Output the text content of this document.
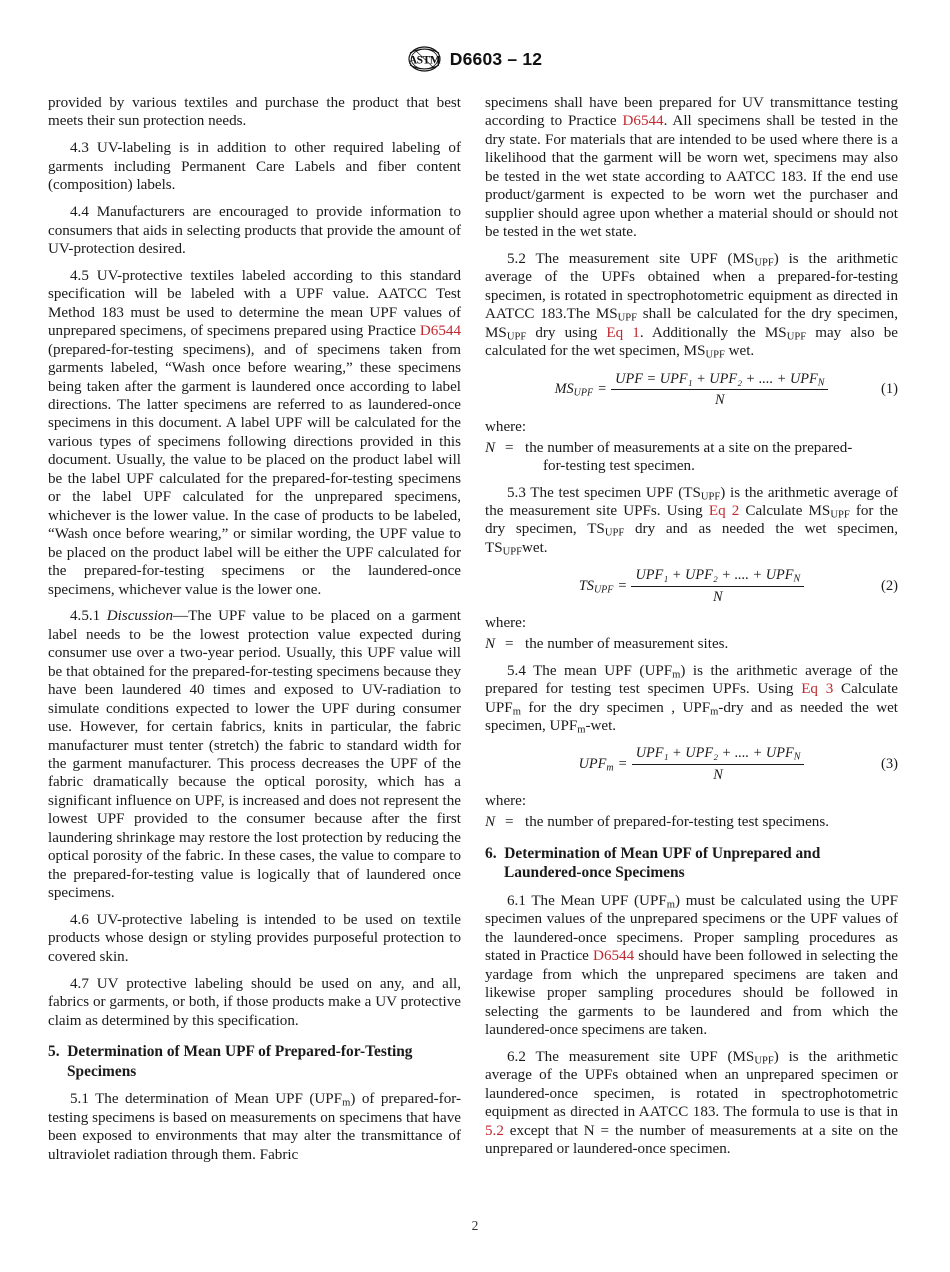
ASTM D6603 – 12

provided by various textiles and purchase the product that best meets their sun protection needs.

4.3 UV-labeling is in addition to other required labeling of garments including Permanent Care Labels and fiber content (composition) labels.

4.4 Manufacturers are encouraged to provide information to consumers that aids in selecting products that provide the amount of UV-protection desired.

4.5 UV-protective textiles labeled according to this standard specification will be labeled with a UPF value. AATCC Test Method 183 must be used to determine the mean UPF values of unprepared specimens, of specimens prepared using Practice D6544 (prepared-for-testing specimens), and of specimens taken from garments labeled, “Wash once before wearing,” these specimens being taken after the garment is laundered once according to label directions. The latter specimens are referred to as laundered-once specimens in this document. A label UPF will be calculated for the various types of specimens following directions provided in this document. Usually, the value to be placed on the product label will be the label UPF calculated for the prepared-for-testing specimens or the label UPF calculated for the unprepared specimens, whichever is the lower value. In the case of products to be labeled, “Wash once before wearing,” or similar wording, the UPF value to be placed on the product label will be either the UPF calculated for the prepared-for-testing specimens or the laundered-once specimens, whichever value is the lower one.

4.5.1 Discussion—The UPF value to be placed on a garment label needs to be the lowest protection value expected during consumer use over a two-year period. Usually, this UPF value will be that obtained for the prepared-for-testing specimens because they have been laundered 40 times and exposed to UV-radiation to simulate conditions expected to lower the UPF during consumer use. However, for certain fabrics, knits in particular, the fabric manufacturer must tenter (stretch) the fabric to standard width for the garment manufacturer. This process decreases the UPF of the fabric dramatically because the optical porosity, which has a significant influence on UPF, is increased and does not represent the lowest UPF provided to the consumer because after the first laundering shrinkage may restore the lost protection by reducing the optical porosity of the fabric. In these cases, the value to compare to the prepared-for-testing value is logically that of laundered once specimens.

4.6 UV-protective labeling is intended to be used on textile products whose design or styling provides purposeful protection to covered skin.

4.7 UV protective labeling should be used on any, and all, fabrics or garments, or both, if those products make a UV protective claim as determined by this specification.

5. Determination of Mean UPF of Prepared-for-Testing Specimens

5.1 The determination of Mean UPF $(UPF_m)$ of prepared-for-testing specimens is based on measurements on specimens that have been exposed to environments that may alter the transmittance of ultraviolet radiation through them. Fabric

specimens shall have been prepared for UV transmittance testing according to Practice D6544. All specimens shall be tested in the dry state. For materials that are intended to be used where there is a likelihood that the garment will be worn wet, specimens may also be tested in the wet state according to AATCC 183. If the end use product/garment is expected to be worn wet the purchaser and supplier should agree upon whether a material should or should not be tested in the wet state.

5.2 The measurement site UPF $(MS_{UPF})$ is the arithmetic average of the UPFs obtained when a prepared-for-testing specimen, is rotated in spectrophotometric equipment as directed in AATCC 183.The $MS_{UPF}$ shall be calculated for the dry specimen, $MS_{UPF}$ dry using Eq 1. Additionally the $MS_{UPF}$ may also be calculated for the wet specimen, $MS_{UPF}$ wet.

$MS_{UPF} = \frac{UPF = UPF_1 + UPF_2 + .... + UPF_N}{N}$	(1)

where:

N = the number of measurements at a site on the prepared-
for-testing test specimen.

5.3 The test specimen UPF $(TS_{UPF})$ is the arithmetic average of the measurement site UPFs. Using Eq 2 Calculate $MS_{UPF}$ for the dry specimen, $TS_{UPF}$ dry and as needed the wet specimen, $TS_{UPF}wet$.

$TS_{UPF} = \frac{UPF_1 + UPF_2 + .... + UPF_N}{N}$	(2)

where:

N = the number of measurement sites.

5.4 The mean UPF $(UPF_m)$ is the arithmetic average of the prepared for testing test specimen UPFs. Using Eq 3 Calculate $UPF_m$ for the dry specimen , $UPF_m$-dry and as needed the wet specimen, $UPF_m$-wet.

$UPF_m = \frac{UPF_1 + UPF_2 + .... + UPF_N}{N}$	(3)

where:

N = the number of prepared-for-testing test specimens.
6. Determination of Mean UPF of Unprepared and Laundered-once Specimens

6.1 The Mean UPF $(UPF_m)$ must be calculated using the UPF specimen values of the unprepared specimens or the UPF values of the laundered-once specimens. Proper sampling procedures as stated in Practice D6544 should have been followed in selecting the yardage from which the unprepared specimens are taken and likewise proper sampling procedures should be followed in selecting the garments to be laundered and from which the laundered-once specimens are taken.

6.2 The measurement site UPF $(MS_{UPF})$ is the arithmetic average of the UPFs obtained when an unprepared specimen or laundered-once specimen, is rotated in spectrophotometric equipment as directed in AATCC 183. The formula to use is that in 5.2 except that N = the number of measurements at a site on the unprepared or laundered-once specimen.

2
